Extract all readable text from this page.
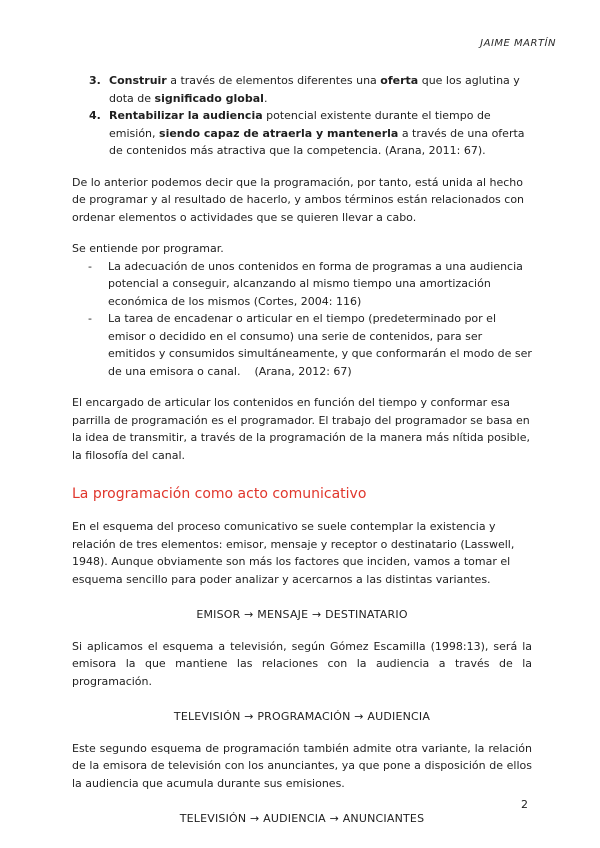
JAIME MARTÍN
3. Construir a través de elementos diferentes una oferta que los aglutina y dota de significado global.
4. Rentabilizar la audiencia potencial existente durante el tiempo de emisión, siendo capaz de atraerla y mantenerla a través de una oferta de contenidos más atractiva que la competencia. (Arana, 2011: 67).

De lo anterior podemos decir que la programación, por tanto, está unida al hecho de programar y al resultado de hacerlo, y ambos términos están relacionados con ordenar elementos o actividades que se quieren llevar a cabo.

Se entiende por programar.

- La adecuación de unos contenidos en forma de programas a una audiencia potencial a conseguir, alcanzando al mismo tiempo una amortización económica de los mismos (Cortes, 2004: 116)
- La tarea de encadenar o articular en el tiempo (predeterminado por el emisor o decidido en el consumo) una serie de contenidos, para ser emitidos y consumidos simultáneamente, y que conformarán el modo de ser de una emisora o canal.    (Arana, 2012: 67)

El encargado de articular los contenidos en función del tiempo y conformar esa parrilla de programación es el programador. El trabajo del programador se basa en la idea de transmitir, a través de la programación de la manera más nítida posible, la filosofía del canal.

La programación como acto comunicativo

En el esquema del proceso comunicativo se suele contemplar la existencia y relación de tres elementos: emisor, mensaje y receptor o destinatario (Lasswell, 1948). Aunque obviamente son más los factores que inciden, vamos a tomar el esquema sencillo para poder analizar y acercarnos a las distintas variantes.

EMISOR → MENSAJE → DESTINATARIO

Si aplicamos el esquema a televisión, según Gómez Escamilla (1998:13), será la emisora la que mantiene las relaciones con la audiencia a través de la programación.

TELEVISIÓN → PROGRAMACIÓN → AUDIENCIA

Este segundo esquema de programación también admite otra variante, la relación de la emisora de televisión con los anunciantes, ya que pone a disposición de ellos la audiencia que acumula durante sus emisiones.

TELEVISIÓN → AUDIENCIA → ANUNCIANTES

2
